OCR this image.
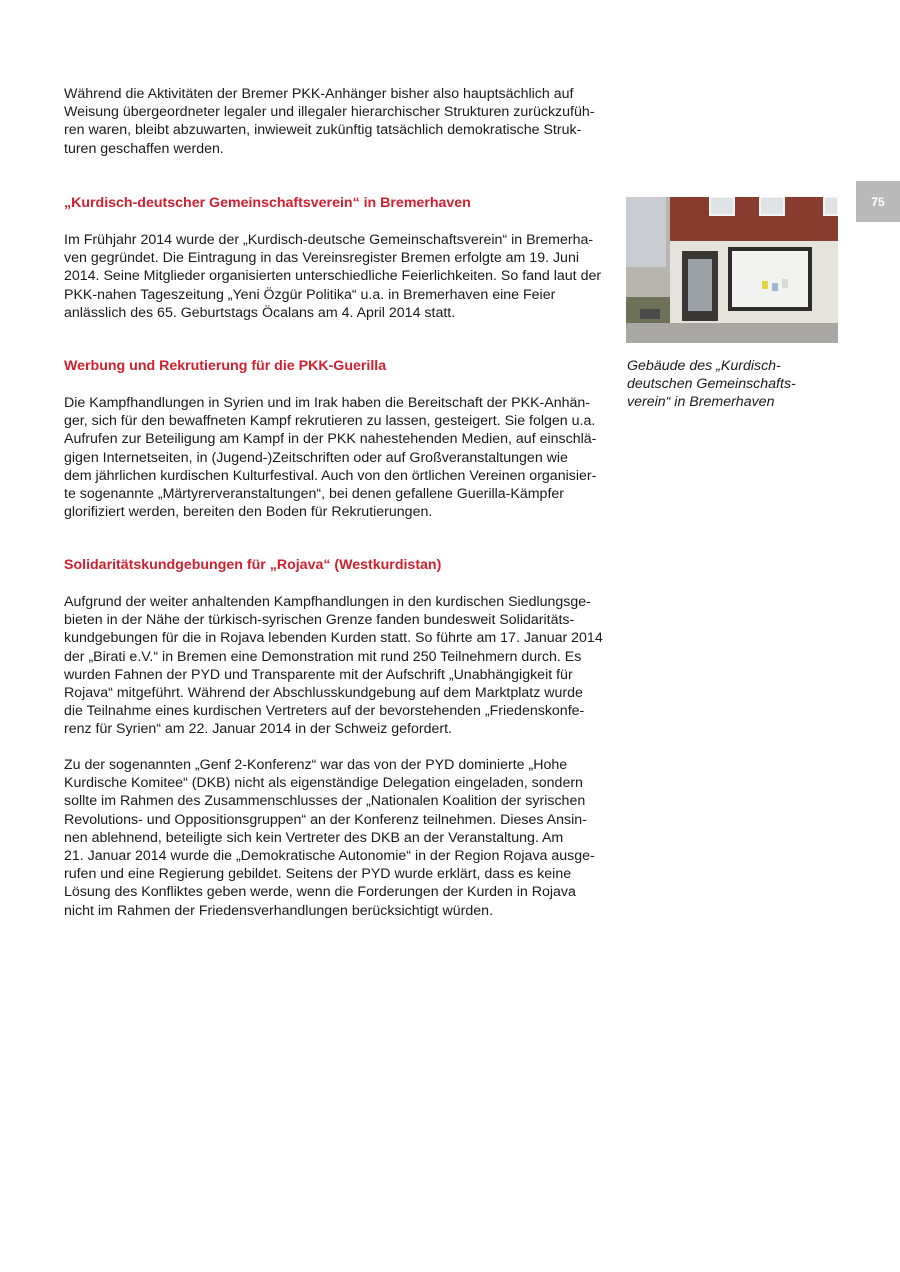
Während die Aktivitäten der Bremer PKK-Anhänger bisher also hauptsächlich auf
Weisung übergeordneter legaler und illegaler hierarchischer Strukturen zurückzufüh-
ren waren, bleibt abzuwarten, inwieweit zukünftig tatsächlich demokratische Struk-
turen geschaffen werden.
„Kurdisch-deutscher Gemeinschaftsverein“ in Bremerhaven
Im Frühjahr 2014 wurde der „Kurdisch-deutsche Gemeinschaftsverein“ in Bremerha-
ven gegründet. Die Eintragung in das Vereinsregister Bremen erfolgte am 19. Juni
2014. Seine Mitglieder organisierten unterschiedliche Feierlichkeiten. So fand laut der
PKK-nahen Tageszeitung „Yeni Özgür Politika“ u.a. in Bremerhaven eine Feier
anlässlich des 65. Geburtstags Öcalans am 4. April 2014 statt.
Werbung und Rekrutierung für die PKK-Guerilla
Die Kampfhandlungen in Syrien und im Irak haben die Bereitschaft der PKK-Anhän-
ger, sich für den bewaffneten Kampf rekrutieren zu lassen, gesteigert. Sie folgen u.a.
Aufrufen zur Beteiligung am Kampf in der PKK nahestehenden Medien, auf einschlä-
gigen Internetseiten, in (Jugend-)Zeitschriften oder auf Großveranstaltungen wie
dem jährlichen kurdischen Kulturfestival. Auch von den örtlichen Vereinen organisier-
te sogenannte „Märtyrerveranstaltungen“, bei denen gefallene Guerilla-Kämpfer
glorifiziert werden, bereiten den Boden für Rekrutierungen.
Solidaritätskundgebungen für „Rojava“ (Westkurdistan)
Aufgrund der weiter anhaltenden Kampfhandlungen in den kurdischen Siedlungsge-
bieten in der Nähe der türkisch-syrischen Grenze fanden bundesweit Solidaritäts-
kundgebungen für die in Rojava lebenden Kurden statt. So führte am 17. Januar 2014
der „Birati e.V.“ in Bremen eine Demonstration mit rund 250 Teilnehmern durch. Es
wurden Fahnen der PYD und Transparente mit der Aufschrift „Unabhängigkeit für
Rojava“ mitgeführt. Während der Abschlusskundgebung auf dem Marktplatz wurde
die Teilnahme eines kurdischen Vertreters auf der bevorstehenden „Friedenskonfe-
renz für Syrien“ am 22. Januar 2014 in der Schweiz gefordert.
Zu der sogenannten „Genf 2-Konferenz“ war das von der PYD dominierte „Hohe
Kurdische Komitee“ (DKB) nicht als eigenständige Delegation eingeladen, sondern
sollte im Rahmen des Zusammenschlusses der „Nationalen Koalition der syrischen
Revolutions- und Oppositionsgruppen“ an der Konferenz teilnehmen. Dieses Ansin-
nen ablehnend, beteiligte sich kein Vertreter des DKB an der Veranstaltung. Am
21. Januar 2014 wurde die „Demokratische Autonomie“ in der Region Rojava ausge-
rufen und eine Regierung gebildet. Seitens der PYD wurde erklärt, dass es keine
Lösung des Konfliktes geben werde, wenn die Forderungen der Kurden in Rojava
nicht im Rahmen der Friedensverhandlungen berücksichtigt würden.
75
Gebäude des „Kurdisch-
deutschen Gemeinschafts-
verein“ in Bremerhaven
